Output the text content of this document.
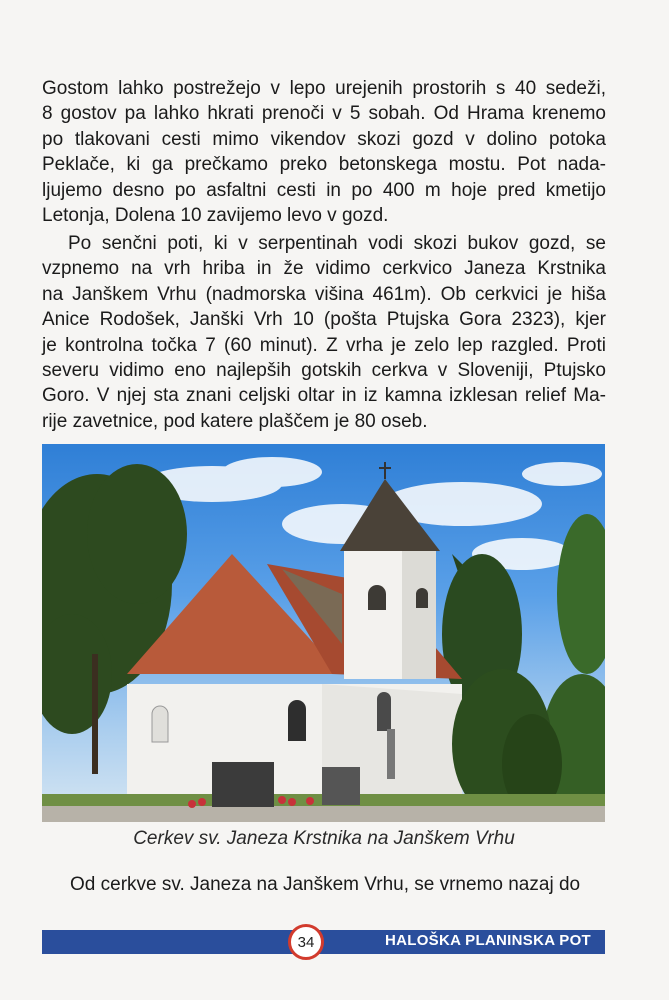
Gostom lahko postrežejo v lepo urejenih prostorih s 40 sedeži,
8 gostov pa lahko hkrati prenoči v 5 sobah. Od Hrama krenemo
po tlakovani cesti mimo vikendov skozi gozd v dolino potoka
Peklače, ki ga prečkamo preko betonskega mostu. Pot nada-
ljujemo desno po asfaltni cesti in po 400 m hoje pred kmetijo
Letonja, Dolena 10 zavijemo levo v gozd.
Po senčni poti, ki v serpentinah vodi skozi bukov gozd, se
vzpnemo na vrh hriba in že vidimo cerkvico Janeza Krstnika
na Janškem Vrhu (nadmorska višina 461m). Ob cerkvici je hiša
Anice Rodošek, Janški Vrh 10 (pošta Ptujska Gora 2323), kjer
je kontrolna točka 7 (60 minut). Z vrha je zelo lep razgled. Proti
severu vidimo eno najlepših gotskih cerkva v Sloveniji, Ptujsko
Goro. V njej sta znani celjski oltar in iz kamna izklesan relief Ma-
rije zavetnice, pod katere plaščem je 80 oseb.
Cerkev sv. Janeza Krstnika na Janškem Vrhu
Od cerkve sv. Janeza na Janškem Vrhu, se vrnemo nazaj do
HALOŠKA PLANINSKA POT
34
